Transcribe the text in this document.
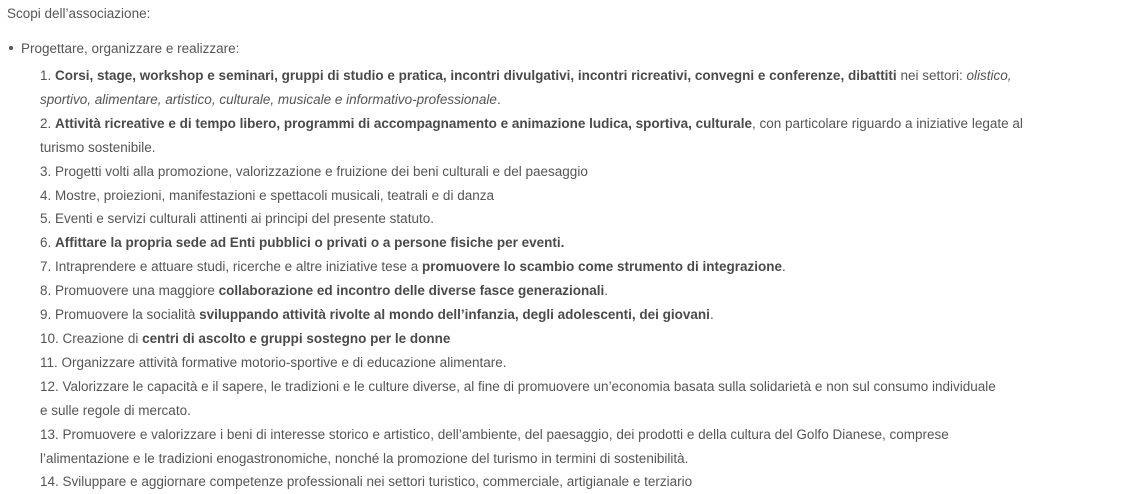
Scopi dell’associazione:
Progettare, organizzare e realizzare:
1. Corsi, stage, workshop e seminari, gruppi di studio e pratica, incontri divulgativi, incontri ricreativi, convegni e conferenze, dibattiti nei settori: olistico,
sportivo, alimentare, artistico, culturale, musicale e informativo-professionale.
2. Attività ricreative e di tempo libero, programmi di accompagnamento e animazione ludica, sportiva, culturale, con particolare riguardo a iniziative legate al
turismo sostenibile.
3. Progetti volti alla promozione, valorizzazione e fruizione dei beni culturali e del paesaggio
4. Mostre, proiezioni, manifestazioni e spettacoli musicali, teatrali e di danza
5. Eventi e servizi culturali attinenti ai principi del presente statuto.
6. Affittare la propria sede ad Enti pubblici o privati o a persone fisiche per eventi.
7. Intraprendere e attuare studi, ricerche e altre iniziative tese a promuovere lo scambio come strumento di integrazione.
8. Promuovere una maggiore collaborazione ed incontro delle diverse fasce generazionali.
9. Promuovere la socialità sviluppando attività rivolte al mondo dell’infanzia, degli adolescenti, dei giovani.
10. Creazione di centri di ascolto e gruppi sostegno per le donne
11. Organizzare attività formative motorio-sportive e di educazione alimentare.
12. Valorizzare le capacità e il sapere, le tradizioni e le culture diverse, al fine di promuovere un’economia basata sulla solidarietà e non sul consumo individuale
e sulle regole di mercato.
13. Promuovere e valorizzare i beni di interesse storico e artistico, dell’ambiente, del paesaggio, dei prodotti e della cultura del Golfo Dianese, comprese
l’alimentazione e le tradizioni enogastronomiche, nonché la promozione del turismo in termini di sostenibilità.
14. Sviluppare e aggiornare competenze professionali nei settori turistico, commerciale, artigianale e terziario
